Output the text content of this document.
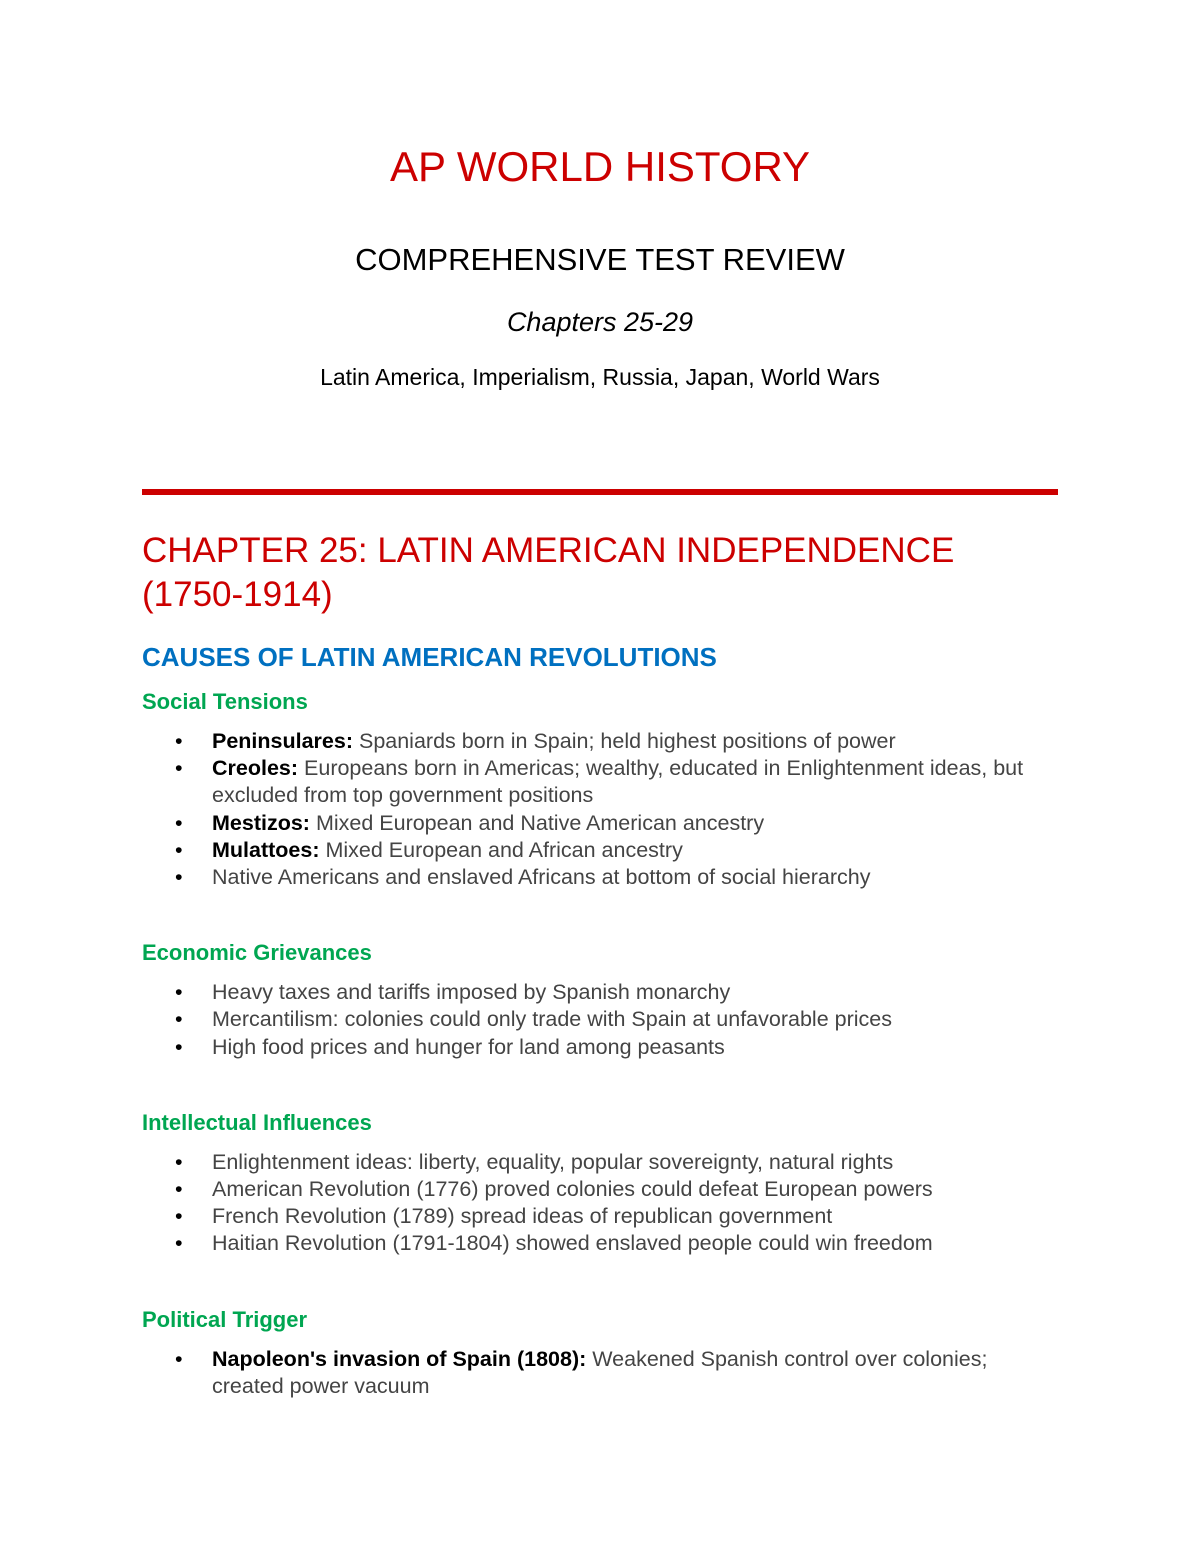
AP WORLD HISTORY
COMPREHENSIVE TEST REVIEW
Chapters 25-29
Latin America, Imperialism, Russia, Japan, World Wars
CHAPTER 25: LATIN AMERICAN INDEPENDENCE
(1750-1914)
CAUSES OF LATIN AMERICAN REVOLUTIONS
Social Tensions
• Peninsulares: Spaniards born in Spain; held highest positions of power
• Creoles: Europeans born in Americas; wealthy, educated in Enlightenment ideas, but excluded from top government positions
• Mestizos: Mixed European and Native American ancestry
• Mulattoes: Mixed European and African ancestry
• Native Americans and enslaved Africans at bottom of social hierarchy
Economic Grievances
• Heavy taxes and tariffs imposed by Spanish monarchy
• Mercantilism: colonies could only trade with Spain at unfavorable prices
• High food prices and hunger for land among peasants
Intellectual Influences
• Enlightenment ideas: liberty, equality, popular sovereignty, natural rights
• American Revolution (1776) proved colonies could defeat European powers
• French Revolution (1789) spread ideas of republican government
• Haitian Revolution (1791-1804) showed enslaved people could win freedom
Political Trigger
• Napoleon's invasion of Spain (1808): Weakened Spanish control over colonies; created power vacuum
